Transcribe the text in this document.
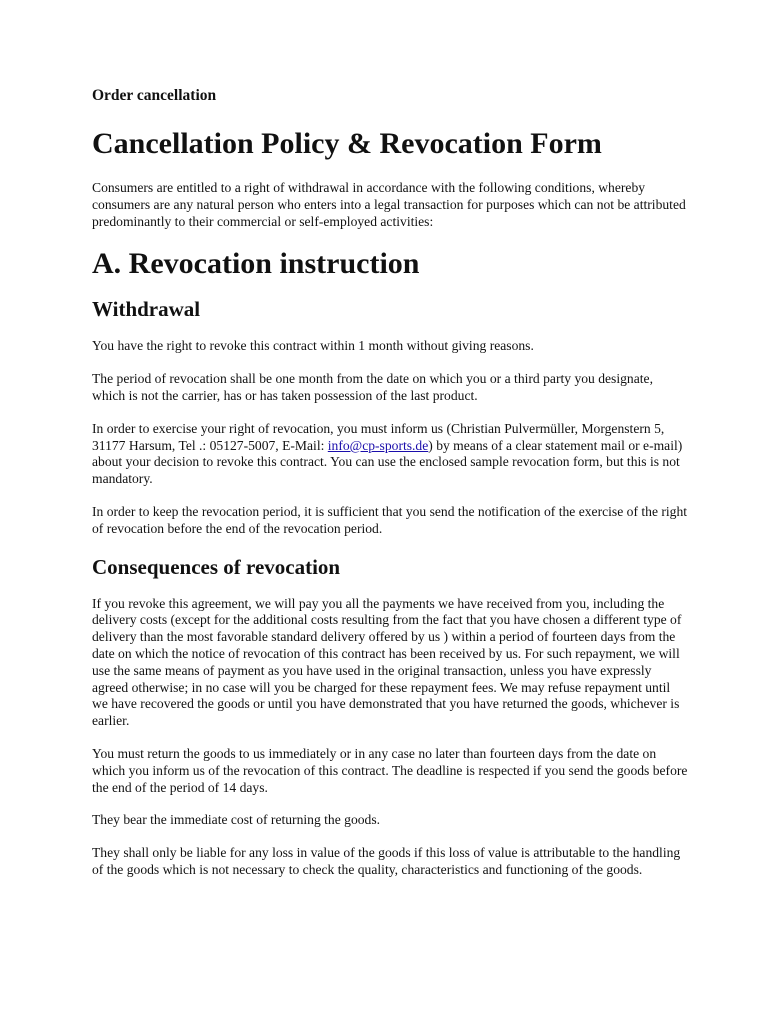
Order cancellation
Cancellation Policy & Revocation Form

Consumers are entitled to a right of withdrawal in accordance with the following conditions, whereby consumers are any natural person who enters into a legal transaction for purposes which can not be attributed predominantly to their commercial or self-employed activities:

A. Revocation instruction
Withdrawal

You have the right to revoke this contract within 1 month without giving reasons.

The period of revocation shall be one month from the date on which you or a third party you designate, which is not the carrier, has or has taken possession of the last product.

In order to exercise your right of revocation, you must inform us (Christian Pulvermüller, Morgenstern 5, 31177 Harsum, Tel .: 05127-5007, E-Mail: info@cp-sports.de) by means of a clear statement mail or e-mail) about your decision to revoke this contract. You can use the enclosed sample revocation form, but this is not mandatory.

In order to keep the revocation period, it is sufficient that you send the notification of the exercise of the right of revocation before the end of the revocation period.

Consequences of revocation

If you revoke this agreement, we will pay you all the payments we have received from you, including the delivery costs (except for the additional costs resulting from the fact that you have chosen a different type of delivery than the most favorable standard delivery offered by us ) within a period of fourteen days from the date on which the notice of revocation of this contract has been received by us. For such repayment, we will use the same means of payment as you have used in the original transaction, unless you have expressly agreed otherwise; in no case will you be charged for these repayment fees. We may refuse repayment until we have recovered the goods or until you have demonstrated that you have returned the goods, whichever is earlier.

You must return the goods to us immediately or in any case no later than fourteen days from the date on which you inform us of the revocation of this contract. The deadline is respected if you send the goods before the end of the period of 14 days.

They bear the immediate cost of returning the goods.

They shall only be liable for any loss in value of the goods if this loss of value is attributable to the handling of the goods which is not necessary to check the quality, characteristics and functioning of the goods.
